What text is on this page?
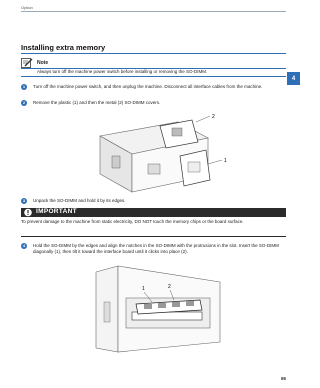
Option
4
Installing extra memory
Note
Always turn off the machine power switch before installing or removing the SO-DIMM.
1	Turn off the machine power switch, and then unplug the machine. Disconnect all interface cables from the machine.
2	Remove the plastic (1) and then the metal (2) SO-DIMM covers.
2
1
3	Unpack the SO-DIMM and hold it by its edges.
IMPORTANT
To prevent damage to the machine from static electricity, DO NOT touch the memory chips or the board surface.
4	Hold the SO-DIMM by the edges and align the notches in the SO-DIMM with the protrusions in the slot. Insert the SO-DIMM diagonally (1), then tilt it toward the interface board until it clicks into place (2).
1	2
86
